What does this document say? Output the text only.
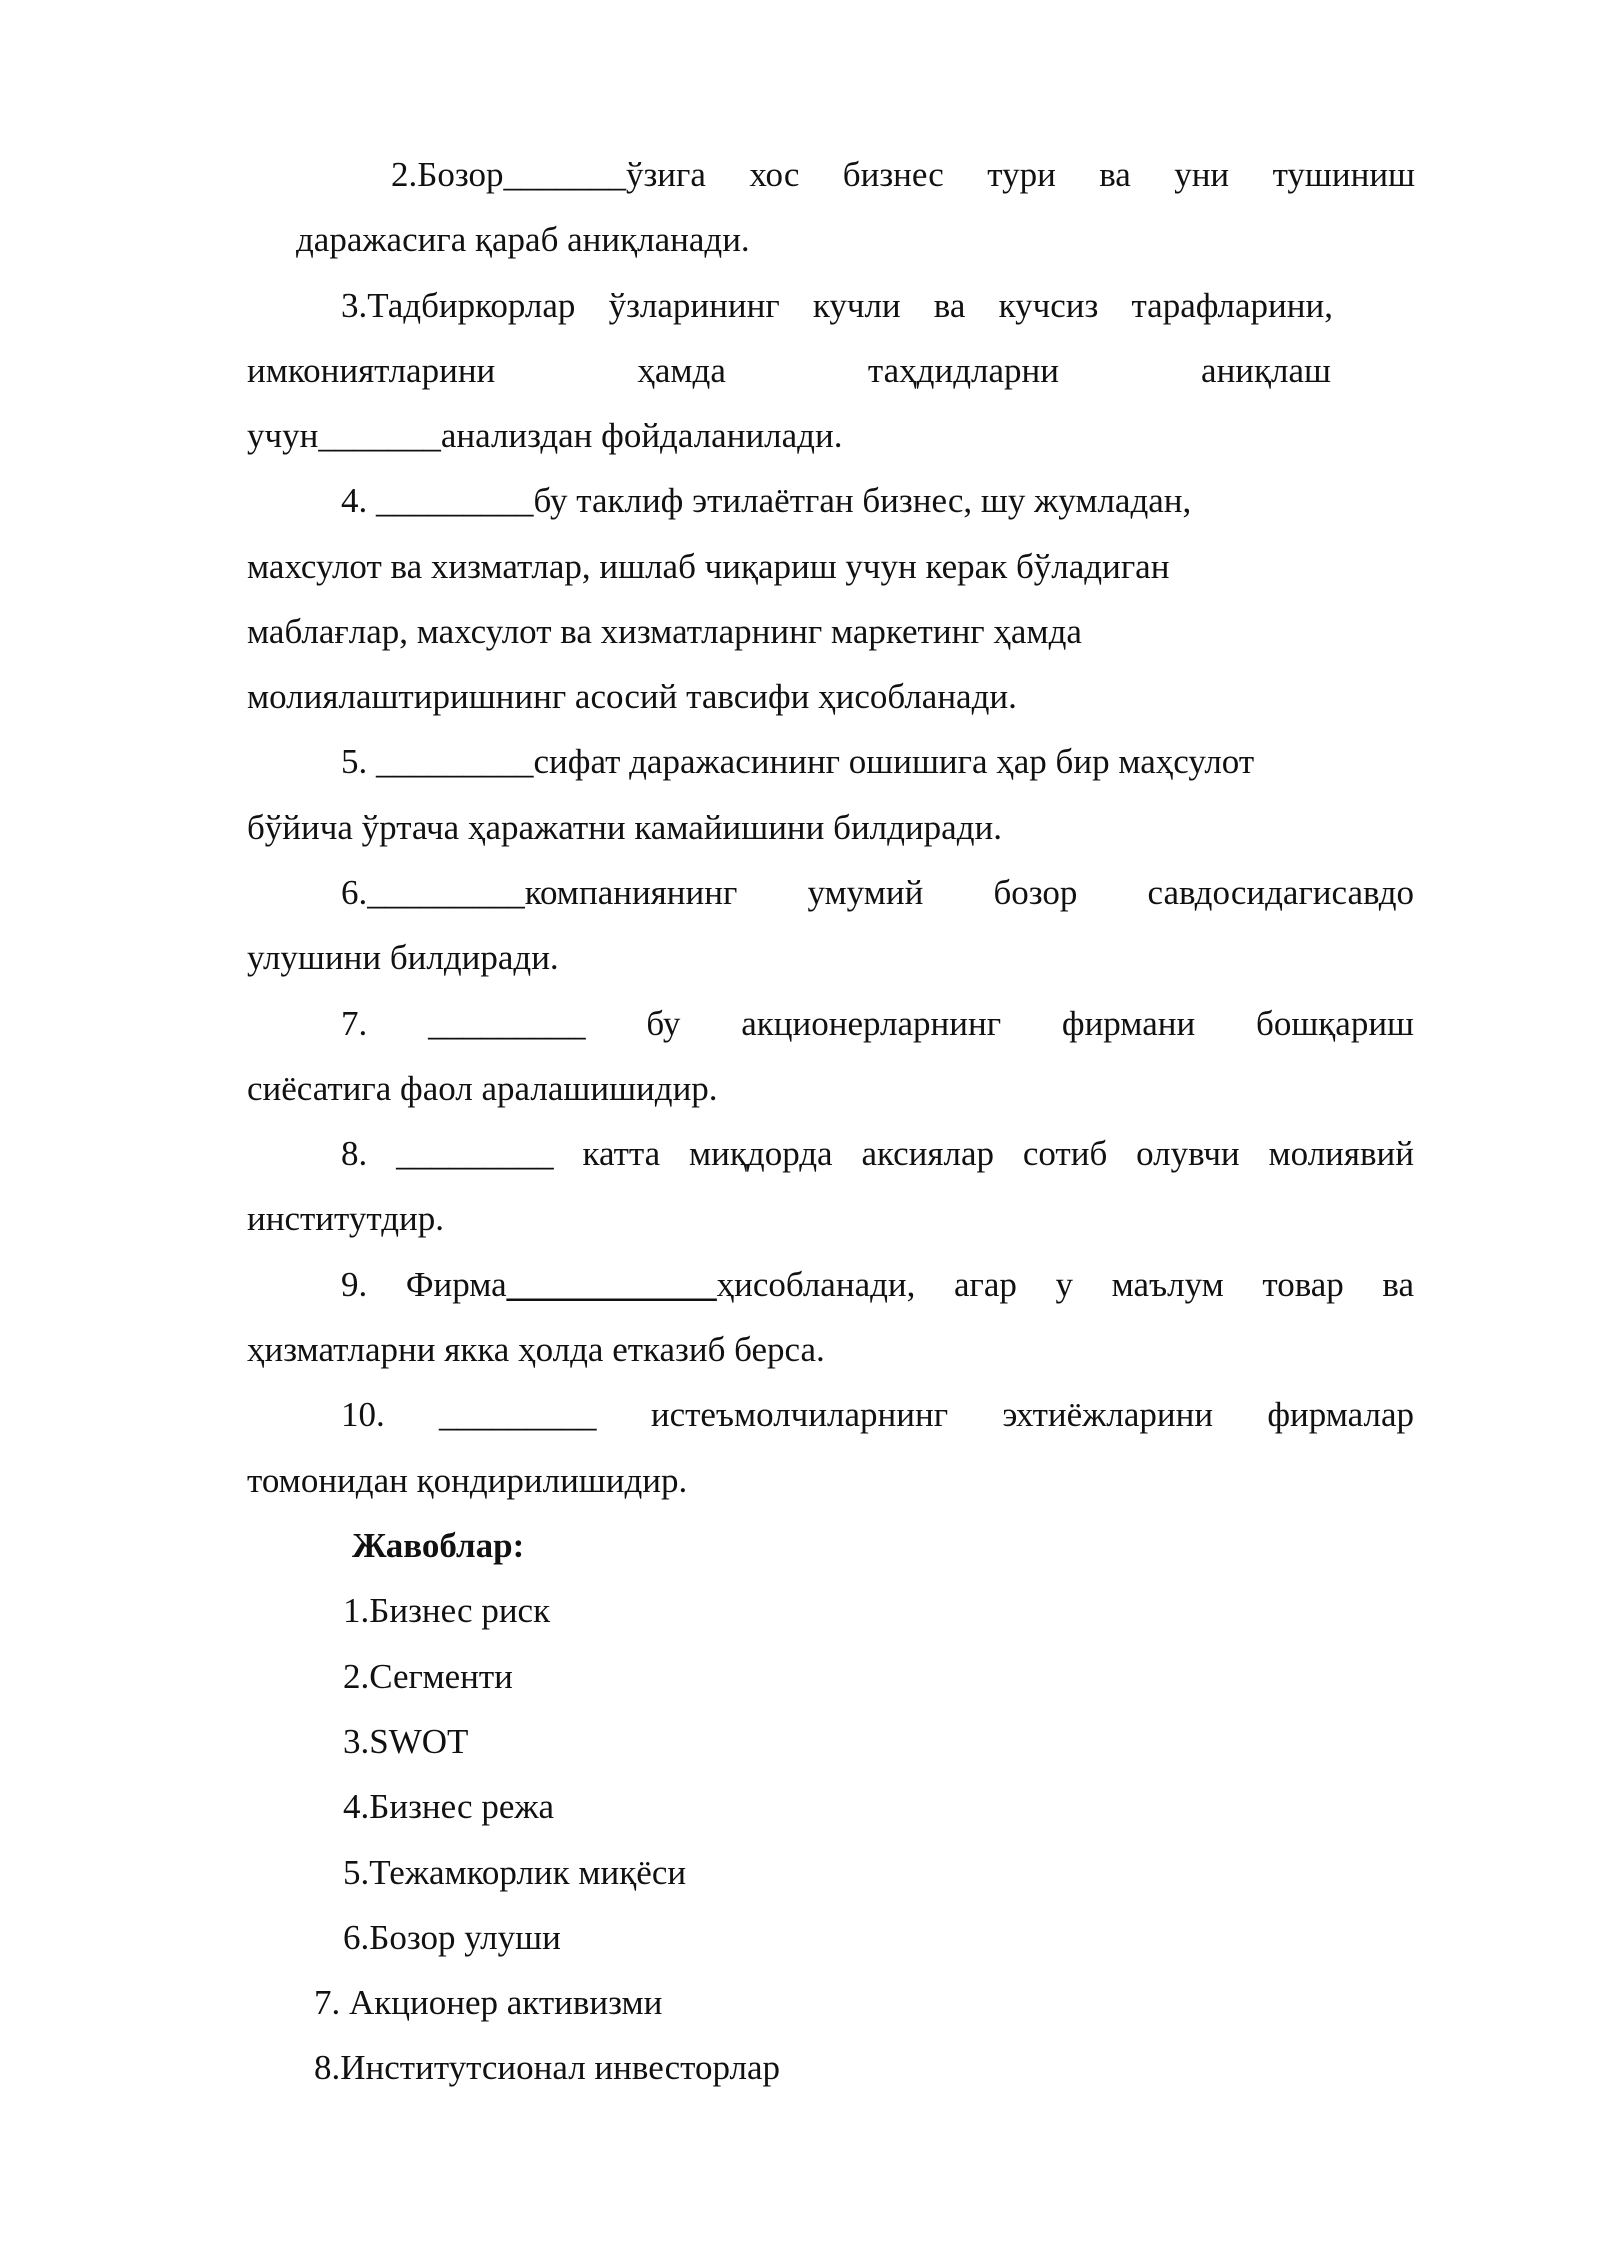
2.Бозор_______ўзига хос бизнес тури ва уни тушиниш

даражасига қараб аниқланади.

3.Тадбиркорлар ўзларининг кучли ва кучсиз тарафларини,

имкониятларини ҳамда таҳдидларни аниқлаш

учун_______анализдан фойдаланилади.

4. _________бу таклиф этилаётган бизнес, шу жумладан,

махсулот ва хизматлар, ишлаб чиқариш учун керак бўладиган

маблағлар, махсулот ва хизматларнинг маркетинг ҳамда

молиялаштиришнинг асосий тавсифи ҳисобланади.

5. _________сифат даражасининг ошишига ҳар бир маҳсулот

бўйича ўртача ҳаражатни камайишини билдиради.

6._________компаниянинг умумий бозор савдосидагисавдо

улушини билдиради.

7. _________ бу акционерларнинг фирмани бошқариш

сиёсатига фаол аралашишидир.

8. _________ катта миқдорда аксиялар сотиб олувчи молиявий

институтдир.

9. Фирма____________ҳисобланади, агар у маълум товар ва

ҳизматларни якка ҳолда етказиб берса.

10. _________ истеъмолчиларнинг эхтиёжларини фирмалар

томонидан қондирилишидир.

Жавоблар:

1.Бизнес риск

2.Сегменти

3.SWOT

4.Бизнес режа

5.Тежамкорлик миқёси

6.Бозор улуши

7. Акционер активизми

8.Институтсионал инвесторлар
